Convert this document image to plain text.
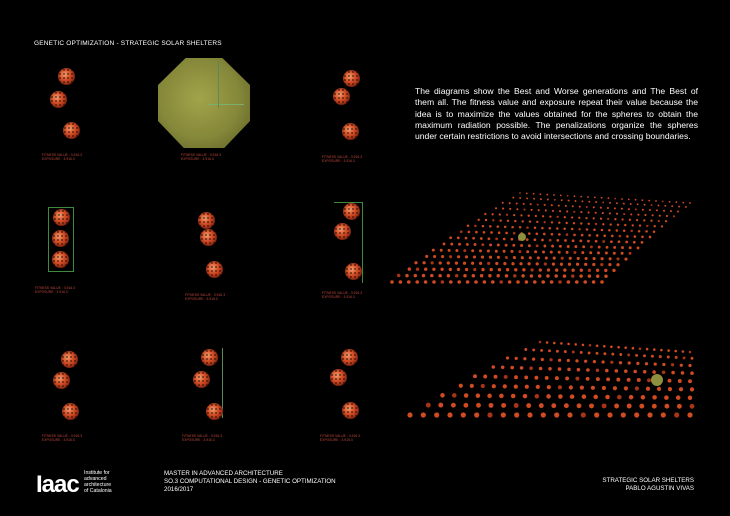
GENETIC OPTIMIZATION - STRATEGIC SOLAR SHELTERS
The diagrams show the Best and Worse generations and The Best of them all. The fitness value and exposure repeat their value because the idea is to maximize the values obtained for the spheres to obtain the maximum radiation possible. The penalizations organize the spheres under certain restrictions to avoid intersections and crossing boundaries.
FITNESS VALUE : 3.916.3
EXPOSURE : 3.916.3
FITNESS VALUE : 3.916.3
EXPOSURE : 3.916.3
FITNESS VALUE : 3.916.3
EXPOSURE : 3.916.3
FITNESS VALUE : 3.916.3
EXPOSURE : 3.916.3
FITNESS VALUE : 3.916.3
EXPOSURE : 3.916.3
FITNESS VALUE : 3.916.3
EXPOSURE : 3.916.3
FITNESS VALUE : 3.916.3
EXPOSURE : 3.916.3
FITNESS VALUE : 3.916.3
EXPOSURE : 3.916.3
FITNESS VALUE : 3.916.3
EXPOSURE : 3.916.3
Iaac Institute for
advanced
architecture
of Catalonia
MASTER IN ADVANCED ARCHITECTURE
SO.3 COMPUTATIONAL DESIGN - GENETIC OPTIMIZATION
2016/2017
STRATEGIC SOLAR SHELTERS
PABLO AGUSTIN VIVAS
